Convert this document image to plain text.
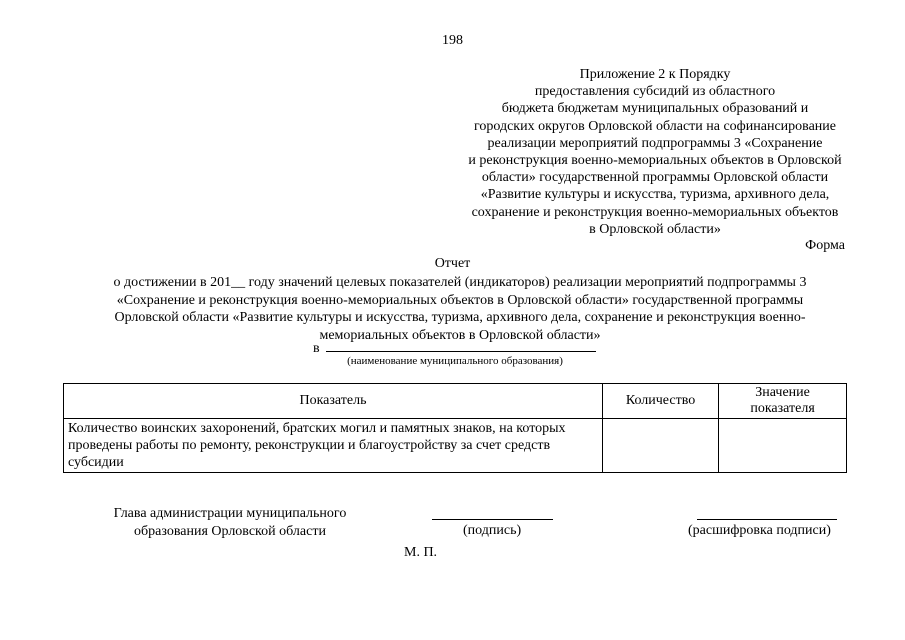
198
Приложение 2 к Порядку
предоставления субсидий из областного
бюджета бюджетам муниципальных образований и
городских округов Орловской области на софинансирование
реализации мероприятий подпрограммы 3 «Сохранение
и реконструкция военно-мемориальных объектов в Орловской
области» государственной программы Орловской области
«Развитие культуры и искусства, туризма, архивного дела,
сохранение и реконструкция военно-мемориальных объектов
в Орловской области»
Форма
Отчет
о достижении в 201__ году значений целевых показателей (индикаторов) реализации мероприятий подпрограммы 3
«Сохранение и реконструкция военно-мемориальных объектов в Орловской области» государственной программы
Орловской области «Развитие культуры и искусства, туризма, архивного дела, сохранение и реконструкция военно-
мемориальных объектов в Орловской области»
в
(наименование муниципального образования)
Показатель	Количество	Значение показателя
Количество воинских захоронений, братских могил и памятных знаков, на которых проведены работы по ремонту, реконструкции и благоустройству за счет средств субсидии		
Глава администрации муниципального
образования Орловской области	(подпись)	(расшифровка подписи)
М. П.
